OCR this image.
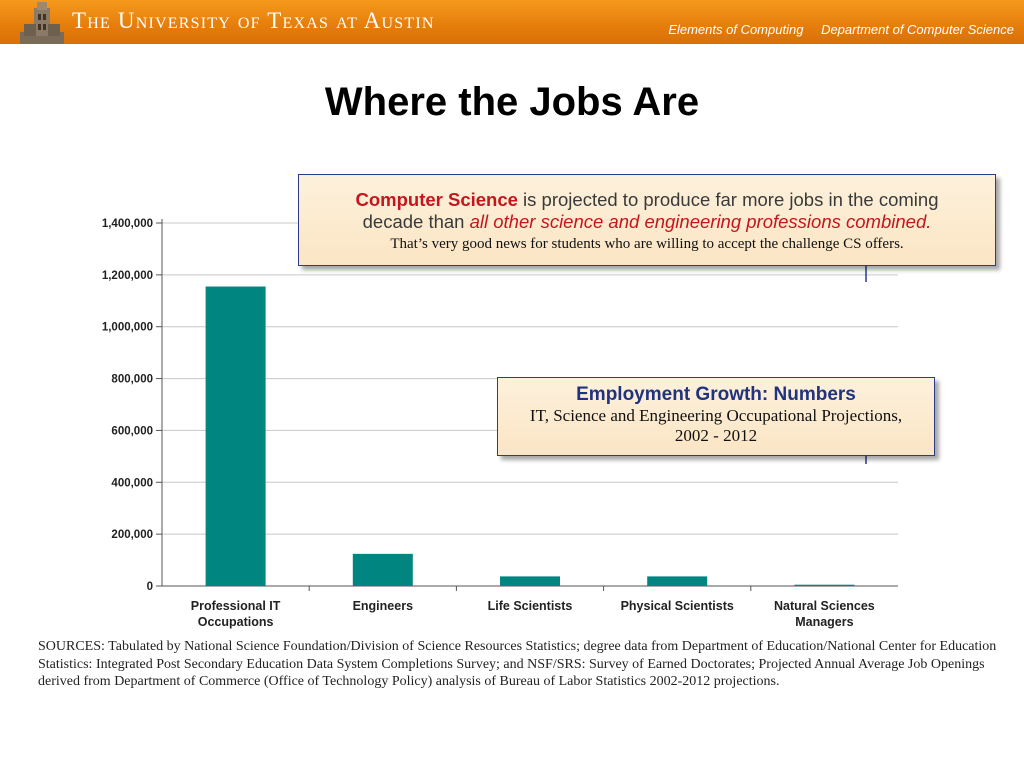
The University of Texas at Austin	Elements of Computing Department of Computer Science
Where the Jobs Are
0
200,000
400,000
600,000
800,000
1,000,000
1,200,000
1,400,000
Professional IT Occupations
Engineers	Life Scientists	Physical Scientists	Natural Sciences Managers
Computer Science is projected to produce far more jobs in the coming
decade than all other science and engineering professions combined.
That’s very good news for students who are willing to accept the challenge CS offers.
Employment Growth: Numbers
IT, Science and Engineering Occupational Projections,
2002 - 2012
SOURCES: Tabulated by National Science Foundation/Division of Science Resources Statistics; degree data from Department of Education/National Center for Education Statistics: Integrated Post Secondary Education Data System Completions Survey; and NSF/SRS: Survey of Earned Doctorates; Projected Annual Average Job Openings derived from Department of Commerce (Office of Technology Policy) analysis of Bureau of Labor Statistics 2002-2012 projections.
